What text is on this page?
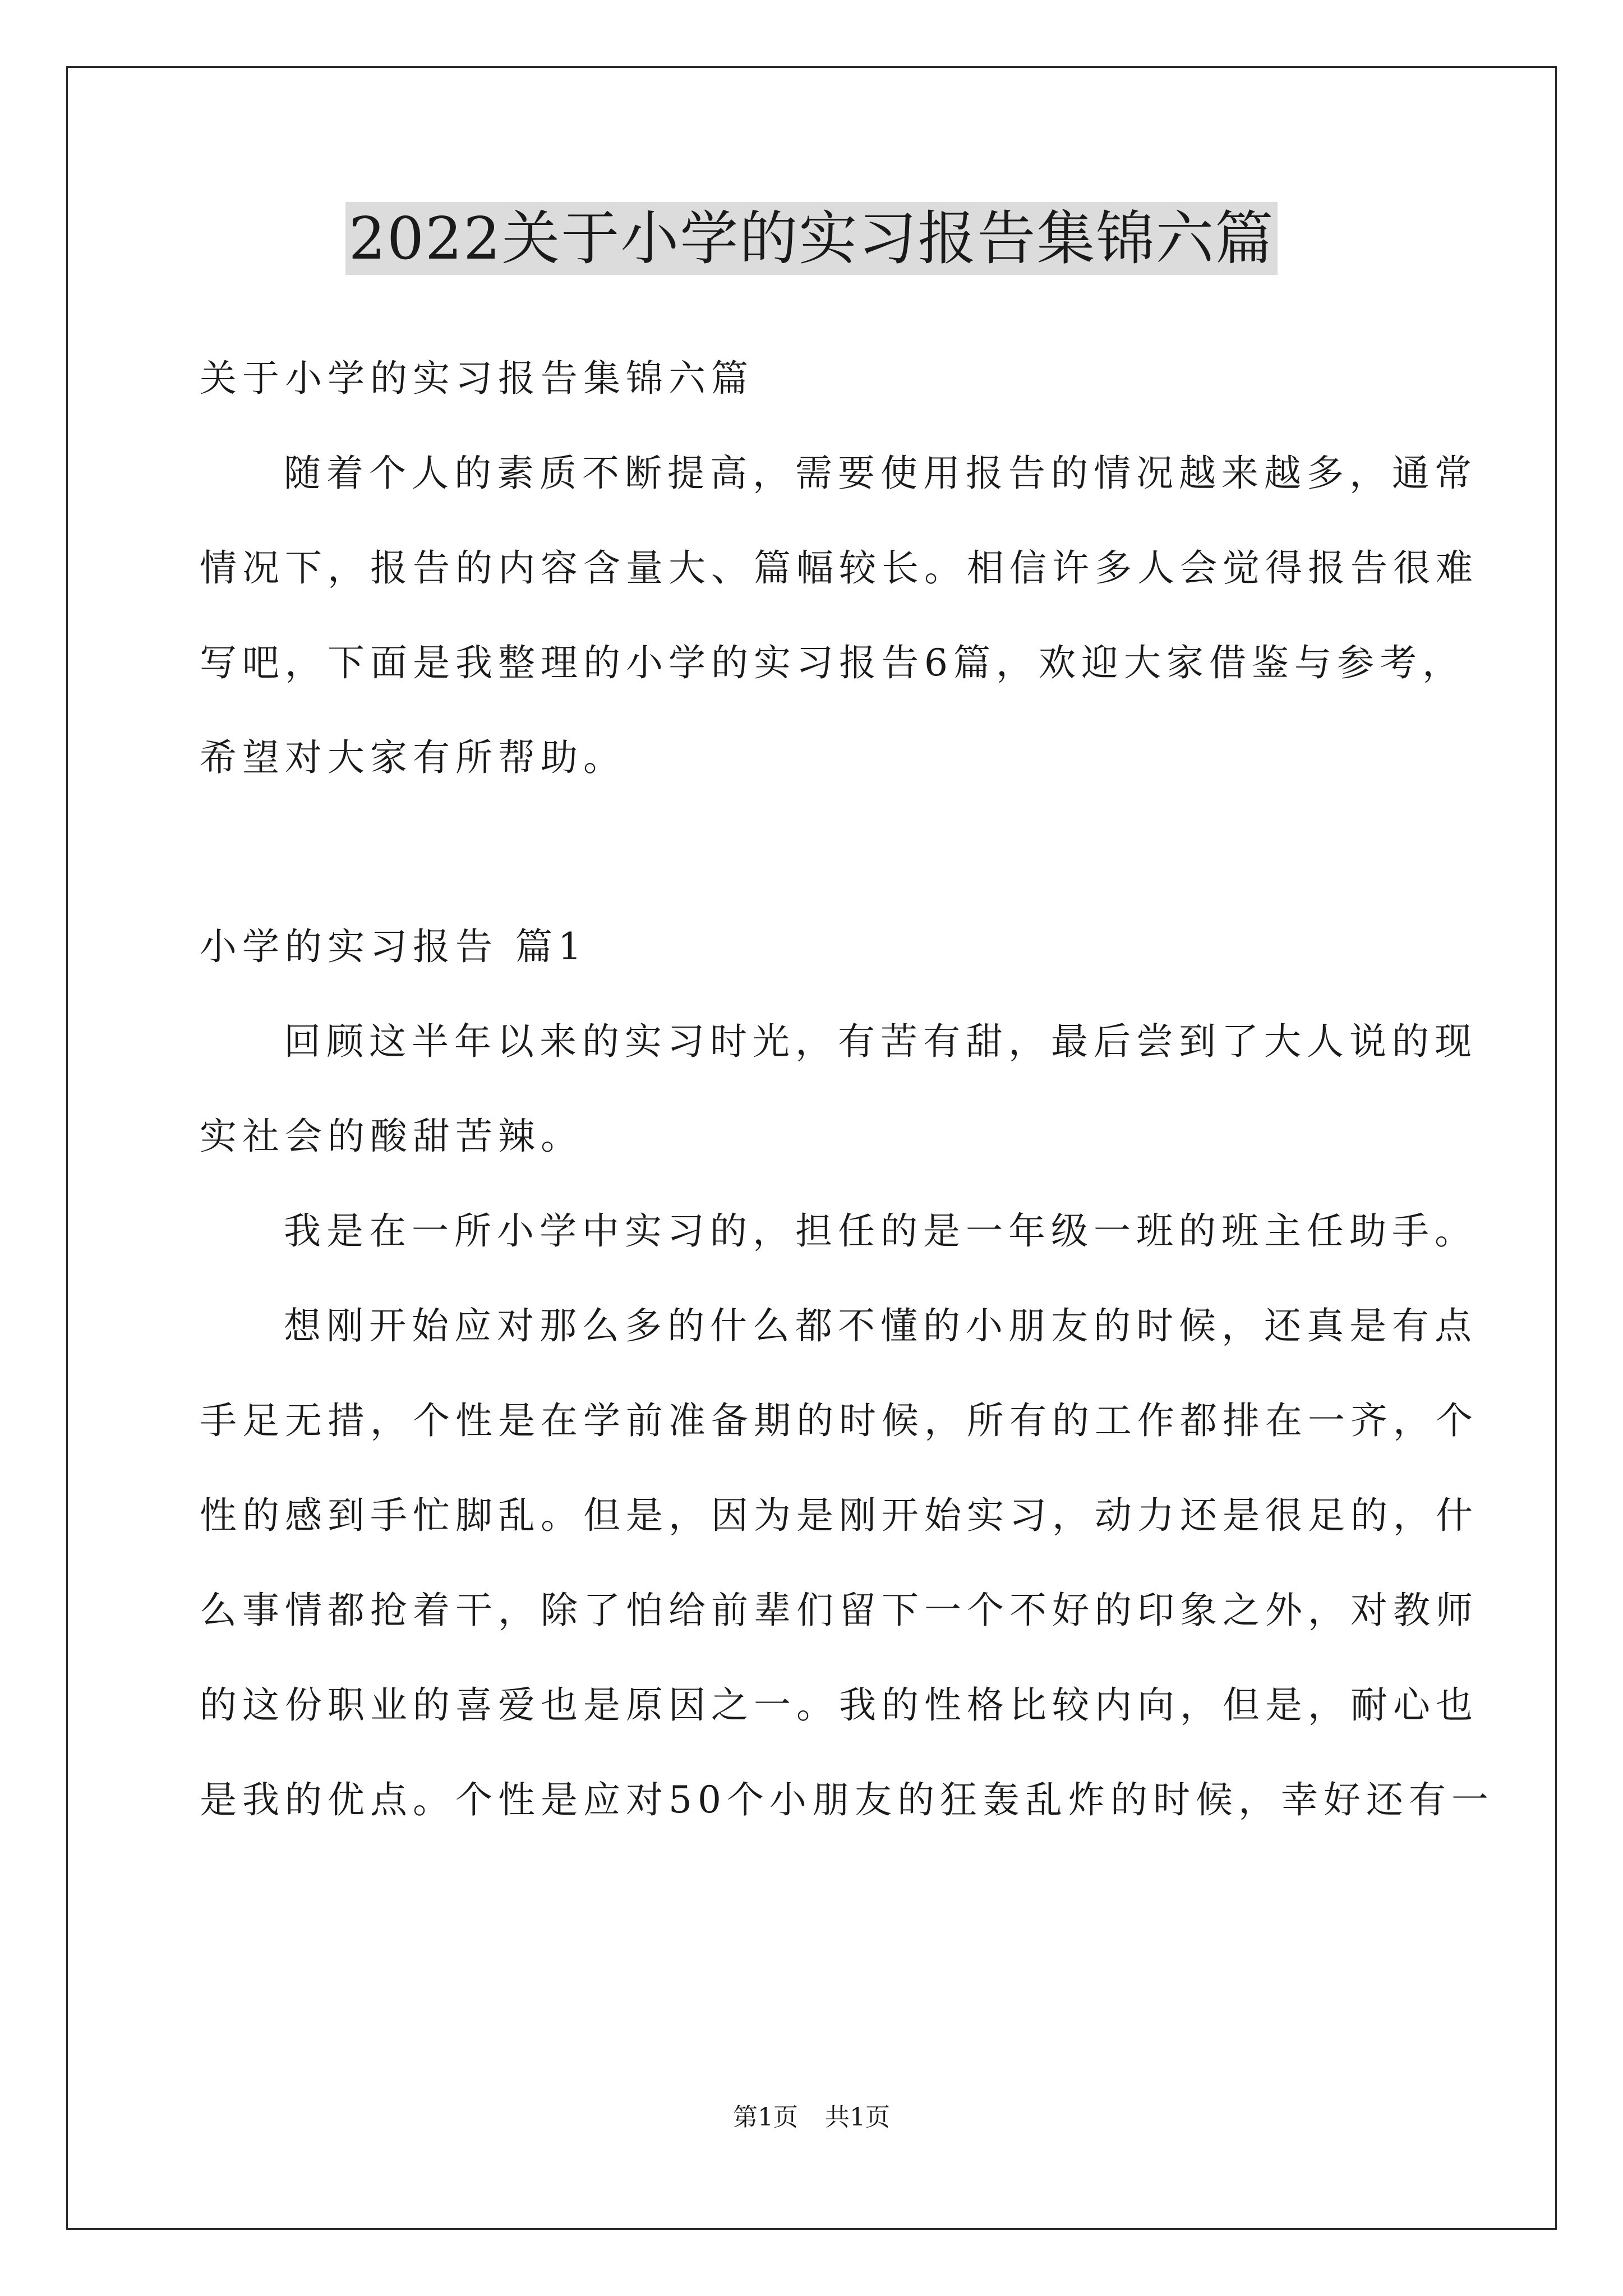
2022关于小学的实习报告集锦六篇
关于小学的实习报告集锦六篇
随着个人的素质不断提高，需要使用报告的情况越来越多，通常
情况下，报告的内容含量大、篇幅较长。相信许多人会觉得报告很难
写吧，下面是我整理的小学的实习报告6篇，欢迎大家借鉴与参考，
希望对大家有所帮助。
小学的实习报告 篇1
回顾这半年以来的实习时光，有苦有甜，最后尝到了大人说的现
实社会的酸甜苦辣。
我是在一所小学中实习的，担任的是一年级一班的班主任助手。
想刚开始应对那么多的什么都不懂的小朋友的时候，还真是有点
手足无措，个性是在学前准备期的时候，所有的工作都排在一齐，个
性的感到手忙脚乱。但是，因为是刚开始实习，动力还是很足的，什
么事情都抢着干，除了怕给前辈们留下一个不好的印象之外，对教师
的这份职业的喜爱也是原因之一。我的性格比较内向，但是，耐心也
是我的优点。个性是应对50个小朋友的狂轰乱炸的时候，幸好还有一
第1页 共1页
